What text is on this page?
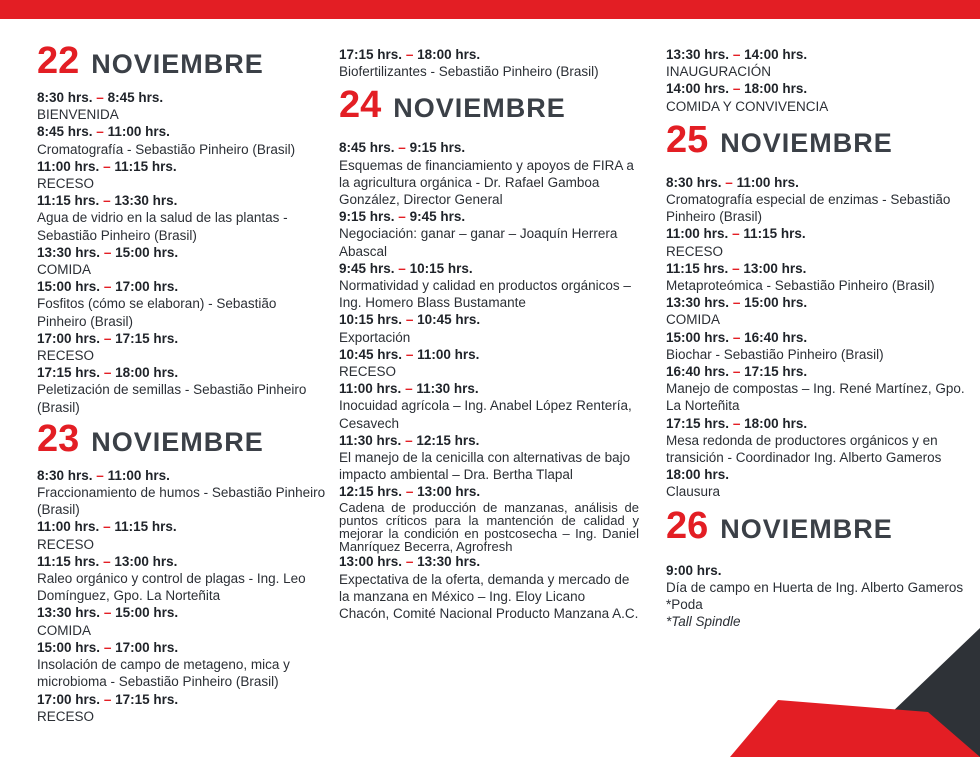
22 NOVIEMBRE
8:30 hrs. – 8:45 hrs.
BIENVENIDA
8:45 hrs. – 11:00 hrs.
Cromatografía - Sebastião Pinheiro (Brasil)
11:00 hrs. – 11:15 hrs.
RECESO
11:15 hrs. – 13:30 hrs.
Agua de vidrio en la salud de las plantas - Sebastião Pinheiro (Brasil)
13:30 hrs. – 15:00 hrs.
COMIDA
15:00 hrs. – 17:00 hrs.
Fosfitos (cómo se elaboran) - Sebastião Pinheiro (Brasil)
17:00 hrs. – 17:15 hrs.
RECESO
17:15 hrs. – 18:00 hrs.
Peletización de semillas - Sebastião Pinheiro (Brasil)
23 NOVIEMBRE
8:30 hrs. – 11:00 hrs.
Fraccionamiento de humos - Sebastião Pinheiro (Brasil)
11:00 hrs. – 11:15 hrs.
RECESO
11:15 hrs. – 13:00 hrs.
Raleo orgánico y control de plagas - Ing. Leo Domínguez, Gpo. La Norteñita
13:30 hrs. – 15:00 hrs.
COMIDA
15:00 hrs. – 17:00 hrs.
Insolación de campo de metageno, mica y microbioma - Sebastião Pinheiro (Brasil)
17:00 hrs. – 17:15 hrs.
RECESO
17:15 hrs. – 18:00 hrs.
Biofertilizantes - Sebastião Pinheiro (Brasil)
24 NOVIEMBRE
8:45 hrs. – 9:15 hrs.
Esquemas de financiamiento y apoyos de FIRA a la agricultura orgánica - Dr. Rafael Gamboa González, Director General
9:15 hrs. – 9:45 hrs.
Negociación: ganar – ganar – Joaquín Herrera Abascal
9:45 hrs. – 10:15 hrs.
Normatividad y calidad en productos orgánicos – Ing. Homero Blass Bustamante
10:15 hrs. – 10:45 hrs.
Exportación
10:45 hrs. – 11:00 hrs.
RECESO
11:00 hrs. – 11:30 hrs.
Inocuidad agrícola – Ing. Anabel López Rentería, Cesavech
11:30 hrs. – 12:15 hrs.
El manejo de la cenicilla con alternativas de bajo impacto ambiental – Dra. Bertha Tlapal
12:15 hrs. – 13:00 hrs.
Cadena de producción de manzanas, análisis de puntos críticos para la mantención de calidad y mejorar la condición en postcosecha – Ing. Daniel Manríquez Becerra, Agrofresh
13:00 hrs. – 13:30 hrs.
Expectativa de la oferta, demanda y mercado de la manzana en México – Ing. Eloy Licano Chacón, Comité Nacional Producto Manzana A.C.
13:30 hrs. – 14:00 hrs.
INAUGURACIÓN
14:00 hrs. – 18:00 hrs.
COMIDA Y CONVIVENCIA
25 NOVIEMBRE
8:30 hrs. – 11:00 hrs.
Cromatografía especial de enzimas - Sebastião Pinheiro (Brasil)
11:00 hrs. – 11:15 hrs.
RECESO
11:15 hrs. – 13:00 hrs.
Metaproteómica - Sebastião Pinheiro (Brasil)
13:30 hrs. – 15:00 hrs.
COMIDA
15:00 hrs. – 16:40 hrs.
Biochar - Sebastião Pinheiro (Brasil)
16:40 hrs. – 17:15 hrs.
Manejo de compostas – Ing. René Martínez, Gpo. La Norteñita
17:15 hrs. – 18:00 hrs.
Mesa redonda de productores orgánicos y en transición - Coordinador Ing. Alberto Gameros
18:00 hrs.
Clausura
26 NOVIEMBRE
9:00 hrs.
Día de campo en Huerta de Ing. Alberto Gameros
*Poda
*Tall Spindle
